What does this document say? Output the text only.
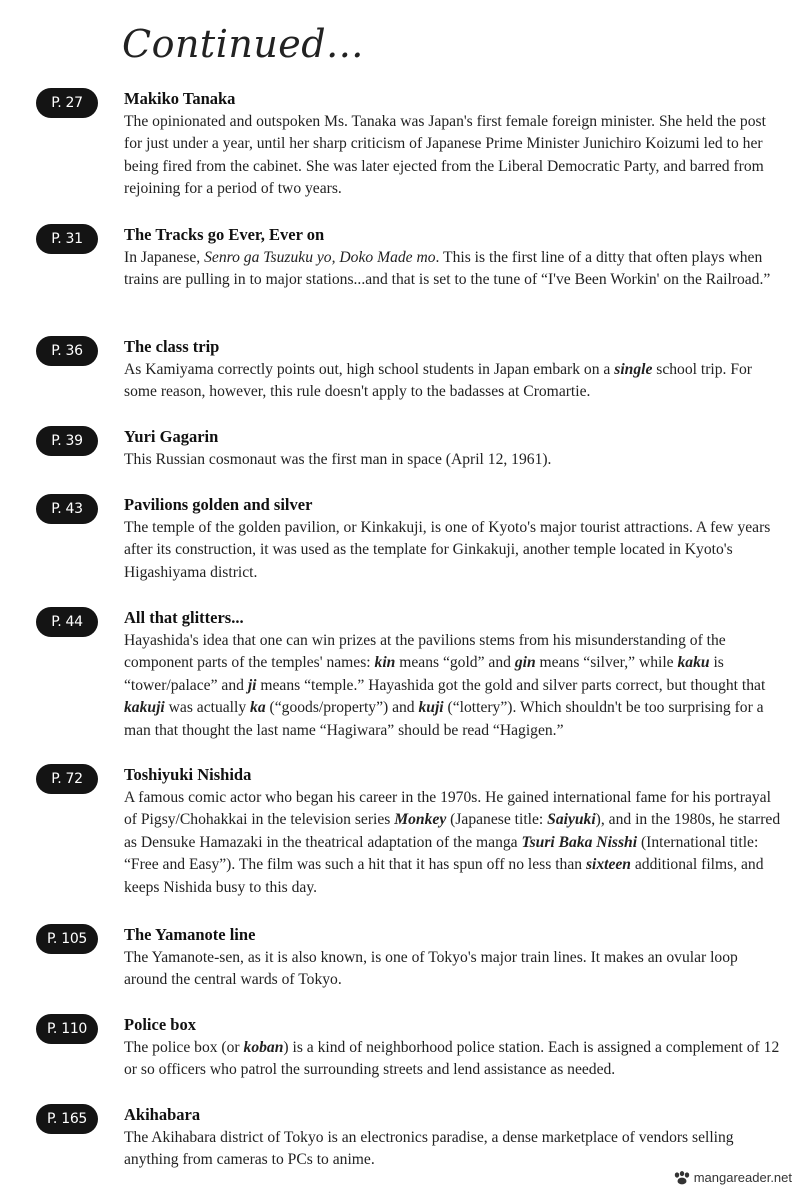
Continued...
P. 27	Makiko Tanaka
The opinionated and outspoken Ms. Tanaka was Japan's first female foreign minister. She held the post for just under a year, until her sharp criticism of Japanese Prime Minister Junichiro Koizumi led to her being fired from the cabinet. She was later ejected from the Liberal Democratic Party, and barred from rejoining for a period of two years.
P. 31	The Tracks go Ever, Ever on
In Japanese, Senro ga Tsuzuku yo, Doko Made mo. This is the first line of a ditty that often plays when trains are pulling in to major stations...and that is set to the tune of “I've Been Workin' on the Railroad.”
P. 36	The class trip
As Kamiyama correctly points out, high school students in Japan embark on a single school trip. For some reason, however, this rule doesn't apply to the badasses at Cromartie.
P. 39	Yuri Gagarin
This Russian cosmonaut was the first man in space (April 12, 1961).
P. 43	Pavilions golden and silver
The temple of the golden pavilion, or Kinkakuji, is one of Kyoto's major tourist attractions. A few years after its construction, it was used as the template for Ginkakuji, another temple located in Kyoto's Higashiyama district.
P. 44	All that glitters...
Hayashida's idea that one can win prizes at the pavilions stems from his misunderstanding of the component parts of the temples' names: kin means “gold” and gin means “silver,” while kaku is “tower/palace” and ji means “temple.” Hayashida got the gold and silver parts correct, but thought that kakuji was actually ka (“goods/property”) and kuji (“lottery”). Which shouldn't be too surprising for a man that thought the last name “Hagiwara” should be read “Hagigen.”
P. 72	Toshiyuki Nishida
A famous comic actor who began his career in the 1970s. He gained international fame for his portrayal of Pigsy/Chohakkai in the television series Monkey (Japanese title: Saiyuki), and in the 1980s, he starred as Densuke Hamazaki in the theatrical adaptation of the manga Tsuri Baka Nisshi (International title: “Free and Easy”). The film was such a hit that it has spun off no less than sixteen additional films, and keeps Nishida busy to this day.
P. 105	The Yamanote line
The Yamanote-sen, as it is also known, is one of Tokyo's major train lines. It makes an ovular loop around the central wards of Tokyo.
P. 110	Police box
The police box (or koban) is a kind of neighborhood police station. Each is assigned a complement of 12 or so officers who patrol the surrounding streets and lend assistance as needed.
P. 165	Akihabara
The Akihabara district of Tokyo is an electronics paradise, a dense marketplace of vendors selling anything from cameras to PCs to anime.
mangareader.net
